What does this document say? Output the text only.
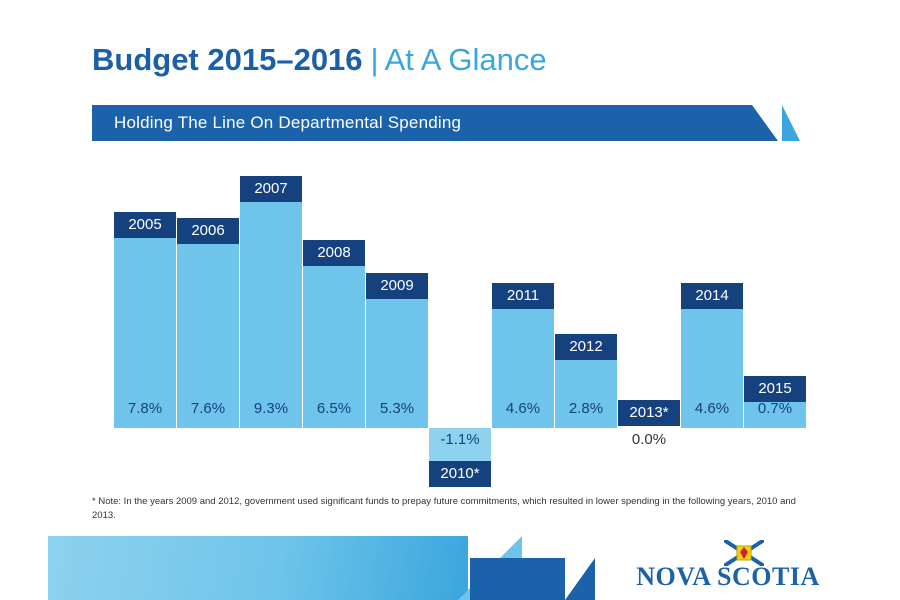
Budget 2015–2016 | At A Glance
Holding The Line On Departmental Spending
2005
7.8%
2006
7.6%
2007
9.3%
2008
6.5%
2009
5.3%
-1.1%
2010*
2011
4.6%
2012
2.8%	2013*
0.0%
2014
4.6%
2015
0.7%
* Note: In the years 2009 and 2012, government used significant funds to prepay future commitments, which resulted in lower spending in the following years, 2010 and 2013.
NOVA SCOTIA
